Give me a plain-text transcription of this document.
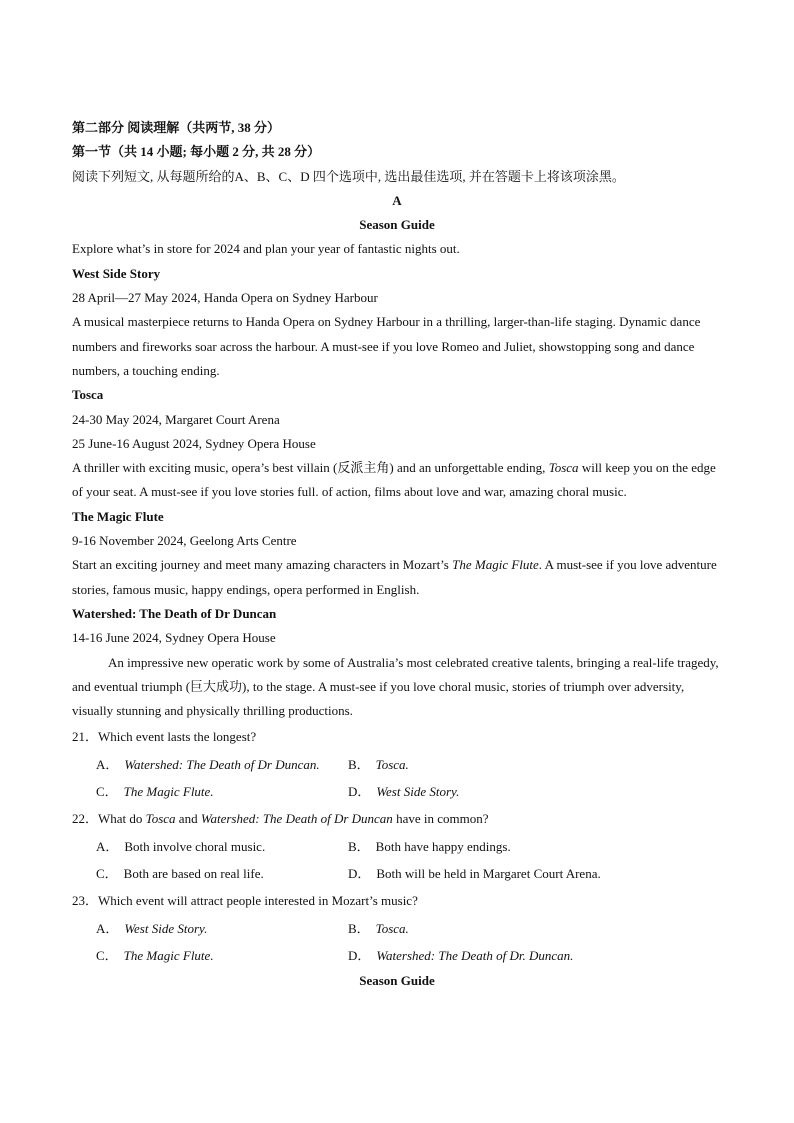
第二部分 阅读理解（共两节, 38 分）
第一节（共 14 小题; 每小题 2 分, 共 28 分）
阅读下列短文, 从每题所给的A、B、C、D 四个选项中, 选出最佳选项, 并在答题卡上将该项涂黑。
A
Season Guide
Explore what’s in store for 2024 and plan your year of fantastic nights out.
West Side Story
28 April—27 May 2024, Handa Opera on Sydney Harbour
A musical masterpiece returns to Handa Opera on Sydney Harbour in a thrilling, larger-than-life staging. Dynamic dance numbers and fireworks soar across the harbour. A must-see if you love Romeo and Juliet, showstopping song and dance numbers, a touching ending.
Tosca
24-30 May 2024, Margaret Court Arena
25 June-16 August 2024, Sydney Opera House
A thriller with exciting music, opera’s best villain (反派主角) and an unforgettable ending, Tosca will keep you on the edge of your seat. A must-see if you love stories full. of action, films about love and war, amazing choral music.
The Magic Flute
9-16 November 2024, Geelong Arts Centre
Start an exciting journey and meet many amazing characters in Mozart’s The Magic Flute. A must-see if you love adventure stories, famous music, happy endings, opera performed in English.
Watershed: The Death of Dr Duncan
14-16 June 2024, Sydney Opera House
An impressive new operatic work by some of Australia’s most celebrated creative talents, bringing a real-life tragedy, and eventual triumph (巨大成功), to the stage. A must-see if you love choral music, stories of triumph over adversity, visually stunning and physically thrilling productions.
21．Which event lasts the longest?
A． Watershed: The Death of Dr Duncan. B． Tosca.
C． The Magic Flute.	D． West Side Story.
22．What do Tosca and Watershed: The Death of Dr Duncan have in common?
A． Both involve choral music.	B． Both have happy endings.
C． Both are based on real life.	D． Both will be held in Margaret Court Arena.
23．Which event will attract people interested in Mozart’s music?
A． West Side Story.	B． Tosca.
C． The Magic Flute.	D． Watershed: The Death of Dr. Duncan.
Season Guide
